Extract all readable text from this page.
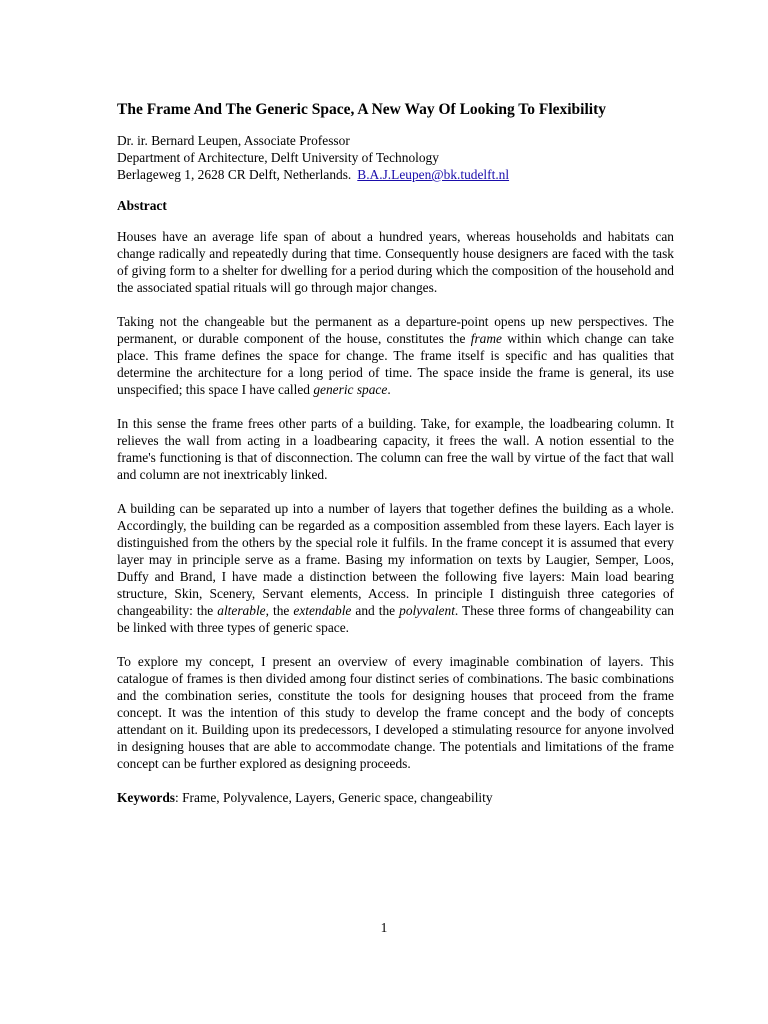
The Frame And The Generic Space, A New Way Of Looking To Flexibility
Dr. ir. Bernard Leupen, Associate Professor
Department of Architecture, Delft University of Technology
Berlageweg 1, 2628 CR Delft, Netherlands. B.A.J.Leupen@bk.tudelft.nl
Abstract

Houses have an average life span of about a hundred years, whereas households and habitats can change radically and repeatedly during that time. Consequently house designers are faced with the task of giving form to a shelter for dwelling for a period during which the composition of the household and the associated spatial rituals will go through major changes.

Taking not the changeable but the permanent as a departure-point opens up new perspectives. The permanent, or durable component of the house, constitutes the frame within which change can take place. This frame defines the space for change. The frame itself is specific and has qualities that determine the architecture for a long period of time. The space inside the frame is general, its use unspecified; this space I have called generic space.

In this sense the frame frees other parts of a building. Take, for example, the loadbearing column. It relieves the wall from acting in a loadbearing capacity, it frees the wall. A notion essential to the frame's functioning is that of disconnection. The column can free the wall by virtue of the fact that wall and column are not inextricably linked.

A building can be separated up into a number of layers that together defines the building as a whole. Accordingly, the building can be regarded as a composition assembled from these layers. Each layer is distinguished from the others by the special role it fulfils. In the frame concept it is assumed that every layer may in principle serve as a frame. Basing my information on texts by Laugier, Semper, Loos, Duffy and Brand, I have made a distinction between the following five layers: Main load bearing structure, Skin, Scenery, Servant elements, Access. In principle I distinguish three categories of changeability: the alterable, the extendable and the polyvalent. These three forms of changeability can be linked with three types of generic space.

To explore my concept, I present an overview of every imaginable combination of layers. This catalogue of frames is then divided among four distinct series of combinations. The basic combinations and the combination series, constitute the tools for designing houses that proceed from the frame concept. It was the intention of this study to develop the frame concept and the body of concepts attendant on it. Building upon its predecessors, I developed a stimulating resource for anyone involved in designing houses that are able to accommodate change. The potentials and limitations of the frame concept can be further explored as designing proceeds.

Keywords: Frame, Polyvalence, Layers, Generic space, changeability
1
